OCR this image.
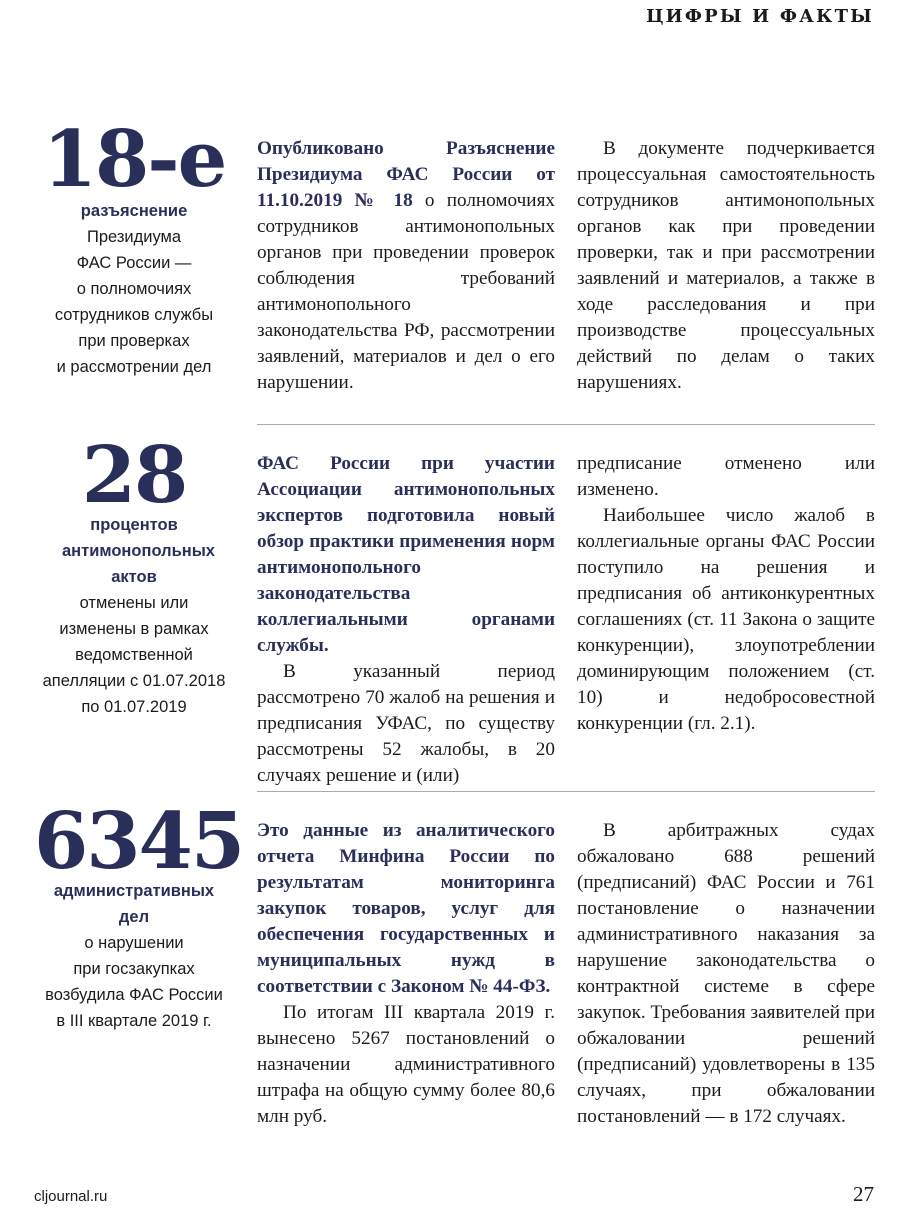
ЦИФРЫ И ФАКТЫ
18-е
разъяснение
Президиума
ФАС России —
о полномочиях
сотрудников службы
при проверках
и рассмотрении дел

Опубликовано Разъяснение Президиума ФАС России от 11.10.2019 № 18 о полномочиях сотрудников антимонопольных органов при проведении проверок соблюдения требований антимонопольного законодательства РФ, рассмотрении заявлений, материалов и дел о его нарушении.

В документе подчеркивается процессуальная самостоятельность сотрудников антимонопольных органов как при проведении проверки, так и при рассмотрении заявлений и материалов, а также в ходе расследования и при производстве процессуальных действий по делам о таких нарушениях.

28
процентов антимонопольных актов
отменены или
изменены в рамках
ведомственной
апелляции с 01.07.2018
по 01.07.2019

ФАС России при участии Ассоциации антимонопольных экспертов подготовила новый обзор практики применения норм антимонопольного законодательства коллегиальными органами службы.

В указанный период рассмотрено 70 жалоб на решения и предписания УФАС, по существу рассмотрены 52 жалобы, в 20 случаях решение и (или)

предписание отменено или изменено.

Наибольшее число жалоб в коллегиальные органы ФАС России поступило на решения и предписания об антиконкурентных соглашениях (ст. 11 Закона о защите конкуренции), злоупотреблении доминирующим положением (ст. 10) и недобросовестной конкуренции (гл. 2.1).

6345
административных дел
о нарушении
при госзакупках
возбудила ФАС России
в III квартале 2019 г.

Это данные из аналитического отчета Минфина России по результатам мониторинга закупок товаров, услуг для обеспечения государственных и муниципальных нужд в соответствии с Законом № 44-ФЗ.

По итогам III квартала 2019 г. вынесено 5267 постановлений о назначении административного штрафа на общую сумму более 80,6 млн руб.

В арбитражных судах обжаловано 688 решений (предписаний) ФАС России и 761 постановление о назначении административного наказания за нарушение законодательства о контрактной системе в сфере закупок. Требования заявителей при обжаловании решений (предписаний) удовлетворены в 135 случаях, при обжаловании постановлений — в 172 случаях.

cljournal.ru	27
